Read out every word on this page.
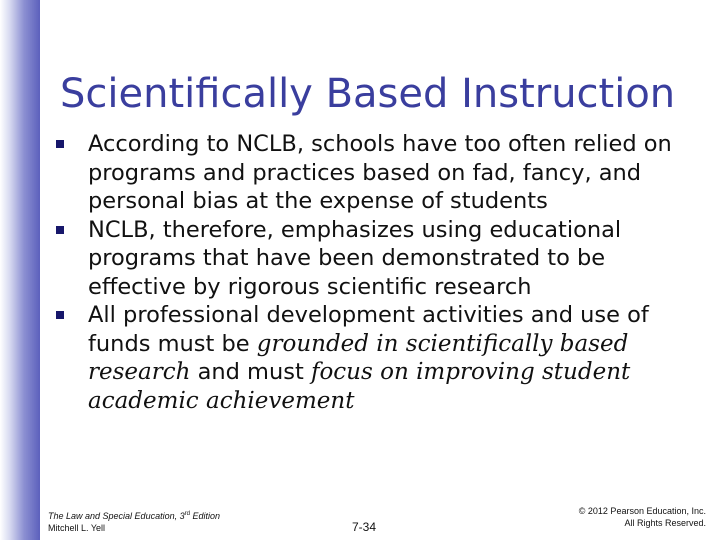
Scientifically Based Instruction
According to NCLB, schools have too often relied on programs and practices based on fad, fancy, and personal bias at the expense of students
NCLB, therefore, emphasizes using educational programs that have been demonstrated to be effective by rigorous scientific research
All professional development activities and use of funds must be grounded in scientifically based research and must focus on improving student academic achievement
The Law and Special Education, 3rd Edition
Mitchell L. Yell	7-34
© 2012 Pearson Education, Inc.
All Rights Reserved.
